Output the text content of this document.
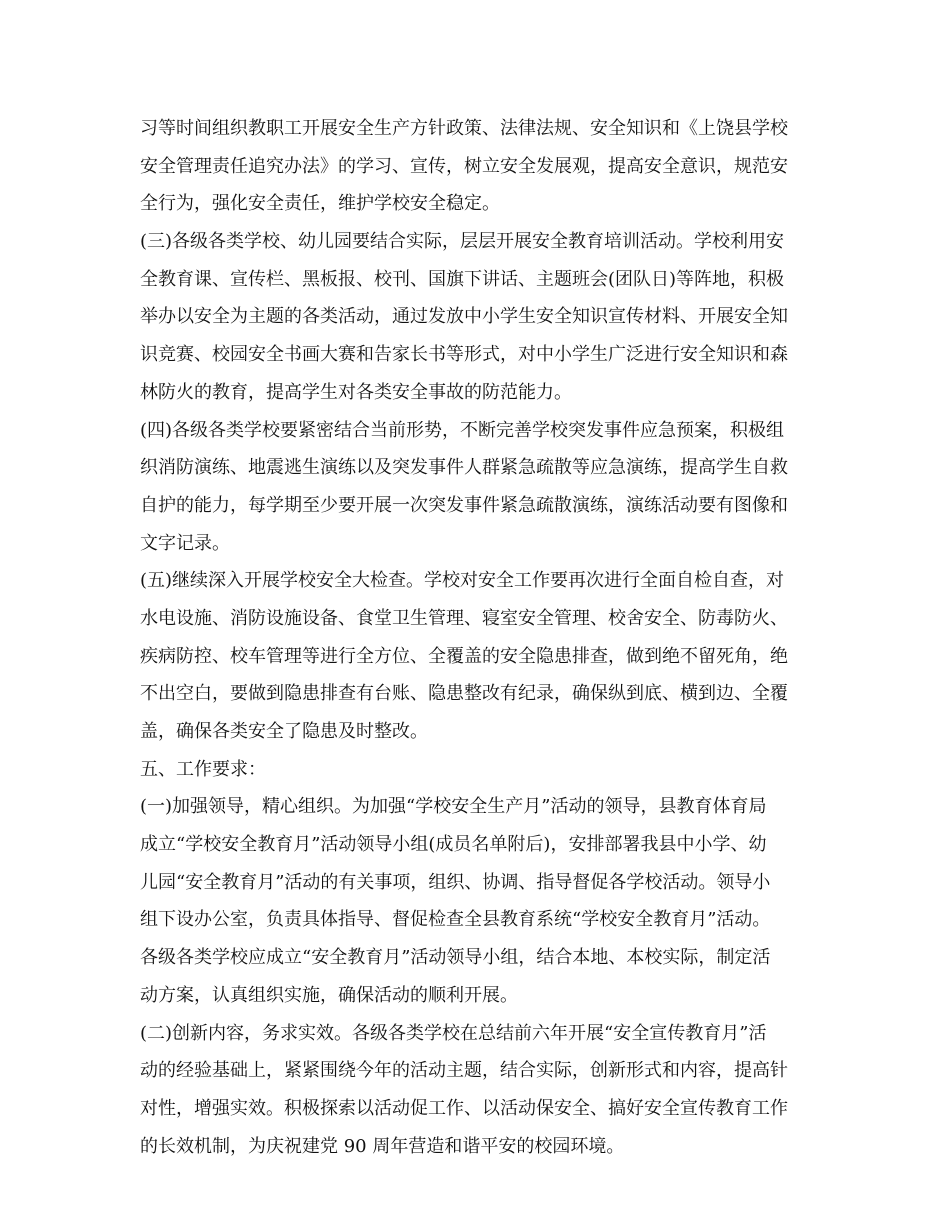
习等时间组织教职工开展安全生产方针政策、法律法规、安全知识和《上饶县学校
安全管理责任追究办法》的学习、宣传，树立安全发展观，提高安全意识，规范安
全行为，强化安全责任，维护学校安全稳定。
(三)各级各类学校、幼儿园要结合实际，层层开展安全教育培训活动。学校利用安
全教育课、宣传栏、黑板报、校刊、国旗下讲话、主题班会(团队日)等阵地，积极
举办以安全为主题的各类活动，通过发放中小学生安全知识宣传材料、开展安全知
识竞赛、校园安全书画大赛和告家长书等形式，对中小学生广泛进行安全知识和森
林防火的教育，提高学生对各类安全事故的防范能力。
(四)各级各类学校要紧密结合当前形势，不断完善学校突发事件应急预案，积极组
织消防演练、地震逃生演练以及突发事件人群紧急疏散等应急演练，提高学生自救
自护的能力，每学期至少要开展一次突发事件紧急疏散演练，演练活动要有图像和
文字记录。
(五)继续深入开展学校安全大检查。学校对安全工作要再次进行全面自检自查，对
水电设施、消防设施设备、食堂卫生管理、寝室安全管理、校舍安全、防毒防火、
疾病防控、校车管理等进行全方位、全覆盖的安全隐患排查，做到绝不留死角，绝
不出空白，要做到隐患排查有台账、隐患整改有纪录，确保纵到底、横到边、全覆
盖，确保各类安全了隐患及时整改。
五、工作要求：
(一)加强领导，精心组织。为加强“学校安全生产月”活动的领导，县教育体育局
成立“学校安全教育月”活动领导小组(成员名单附后)，安排部署我县中小学、幼
儿园“安全教育月”活动的有关事项，组织、协调、指导督促各学校活动。领导小
组下设办公室，负责具体指导、督促检查全县教育系统“学校安全教育月”活动。
各级各类学校应成立“安全教育月”活动领导小组，结合本地、本校实际，制定活
动方案，认真组织实施，确保活动的顺利开展。
(二)创新内容，务求实效。各级各类学校在总结前六年开展“安全宣传教育月”活
动的经验基础上，紧紧围绕今年的活动主题，结合实际，创新形式和内容，提高针
对性，增强实效。积极探索以活动促工作、以活动保安全、搞好安全宣传教育工作
的长效机制，为庆祝建党 90 周年营造和谐平安的校园环境。
